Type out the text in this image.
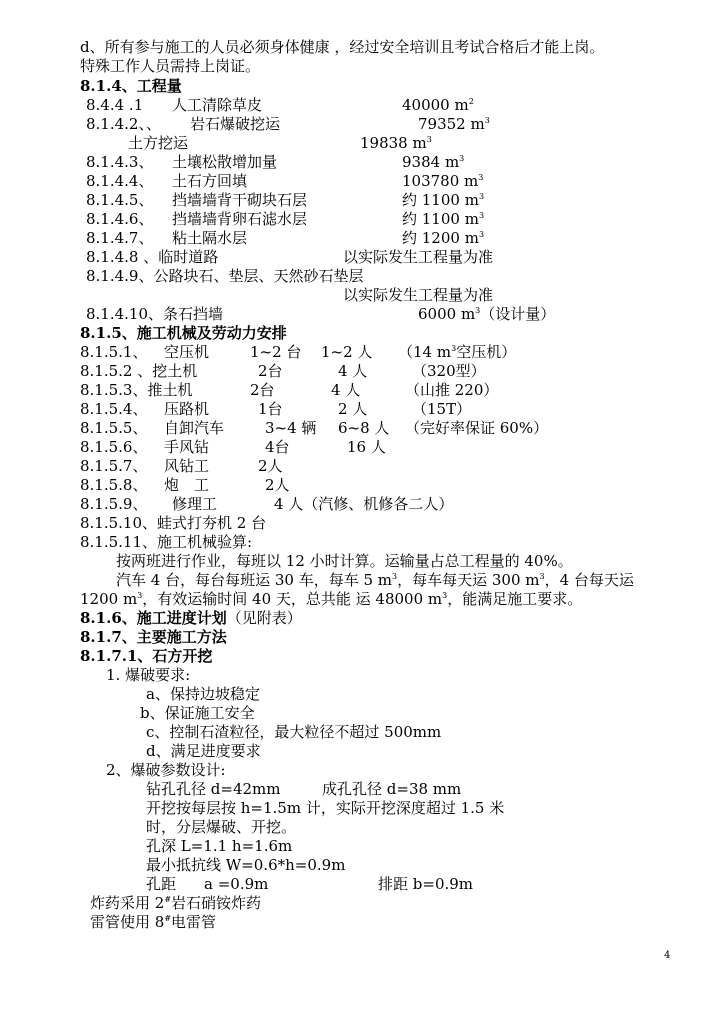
d、所有参与施工的人员必须身体健康 ，经过安全培训且考试合格后才能上岗。
特殊工作人员需持上岗证。
8.1.4、工程量
8.4.4 .1 人工清除草皮	40000 $m^2$
8.1.4.2、、 岩石爆破挖运	79352 $m^3$
土方挖运	19838 $m^3$
8.1.4.3、 土壤松散增加量	9384 $m^3$
8.1.4.4、 土石方回填	103780 $m^3$
8.1.4.5、 挡墙墙背干砌块石层	约 1100 $m^3$
8.1.4.6、 挡墙墙背卵石滤水层	约 1100 $m^3$
8.1.4.7、 粘土隔水层	约 1200 $m^3$
8.1.4.8 、临时道路	以实际发生工程量为准
8.1.4.9、公路块石、垫层、天然砂石垫层
以实际发生工程量为准
8.1.4.10、条石挡墙	6000 $m^3$（设计量）
8.1.5、施工机械及劳动力安排
8.1.5.1、 空压机	1~2 台 1~2 人 （14 $m^3$空压机）
8.1.5.2 、挖土机	2台	4 人	（320型）
8.1.5.3、推土机	2台	4 人	（山推 220）
8.1.5.4、 压路机	1台	2 人	（15T）
8.1.5.5、 自卸汽车	3~4 辆 6~8 人 （完好率保证 60%）
8.1.5.6、 手风钻	4台	16 人
8.1.5.7、 风钻工	2人
8.1.5.8、 炮　工	2人
8.1.5.9、 修理工	4 人（汽修、机修各二人）
8.1.5.10、蛙式打夯机 2 台
8.1.5.11、施工机械验算:
按两班进行作业，每班以 12 小时计算。运输量占总工程量的 40%。
汽车 4 台，每台每班运 30 车，每车 5 $m^3$，每车每天运 300 $m^3$，4 台每天运
1200 $m^3$，有效运输时间 40 天，总共能 运 48000 $m^3$，能满足施工要求。
8.1.6、施工进度计划（见附表）
8.1.7、主要施工方法
8.1.7.1、石方开挖
1. 爆破要求:
a、保持边坡稳定
b、保证施工安全
c、控制石渣粒径，最大粒径不超过 500mm
d、满足进度要求
2、爆破参数设计:
钻孔孔径 d=42mm	成孔孔径 d=38 mm
开挖按每层按 h=1.5m 计，实际开挖深度超过 1.5 米
时，分层爆破、开挖。
孔深 L=1.1 h=1.6m
最小抵抗线 W=0.6*h=0.9m
孔距 a =0.9m	排距 b=0.9m
炸药采用 2#岩石硝铵炸药
雷管使用 8#电雷管
4
